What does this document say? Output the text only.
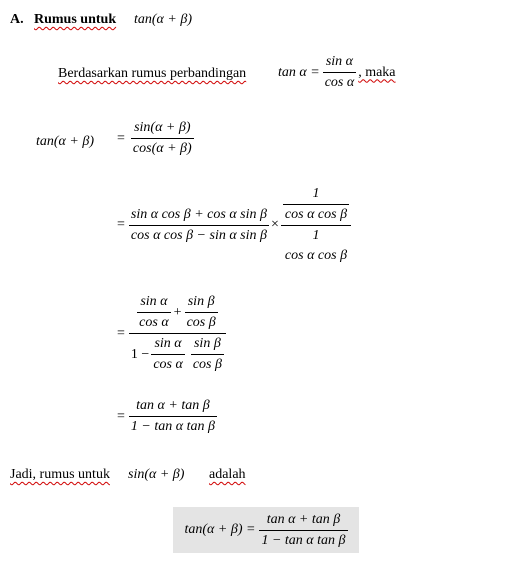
A. Rumus untuk tan(α + β)
Berdasarkan rumus perbandingan $\tan \alpha = \frac{\text{sin α}}{\text{cos α}}$ , maka
$\tan(\alpha + \beta) = \frac{\sin(\alpha + \beta)}{\cos(\alpha + \beta)}$
= $\frac{\text{sin α cos β + cos α sin β}}{\text{cos α cos β − sin α sin β}} \times \frac{1}{\text{cos α cos β}}$
1
cos α cos β
=
$\frac{\text{sin α}}{\text{cos α}} + \frac{\text{sin β}}{\text{cos β}}$
$1 - \frac{\text{sin α}}{\text{cos α}} \frac{\text{sin β}}{\text{cos β}}$
= $\frac{\text{tan α + tan β}}{\text{1 − tan α tan β}}$
Jadi, rumus untuk sin(α + β) adalah
$\tan(\alpha + \beta) = \frac{\text{tan α + tan β}}{\text{1 − tan α tan β}}$
